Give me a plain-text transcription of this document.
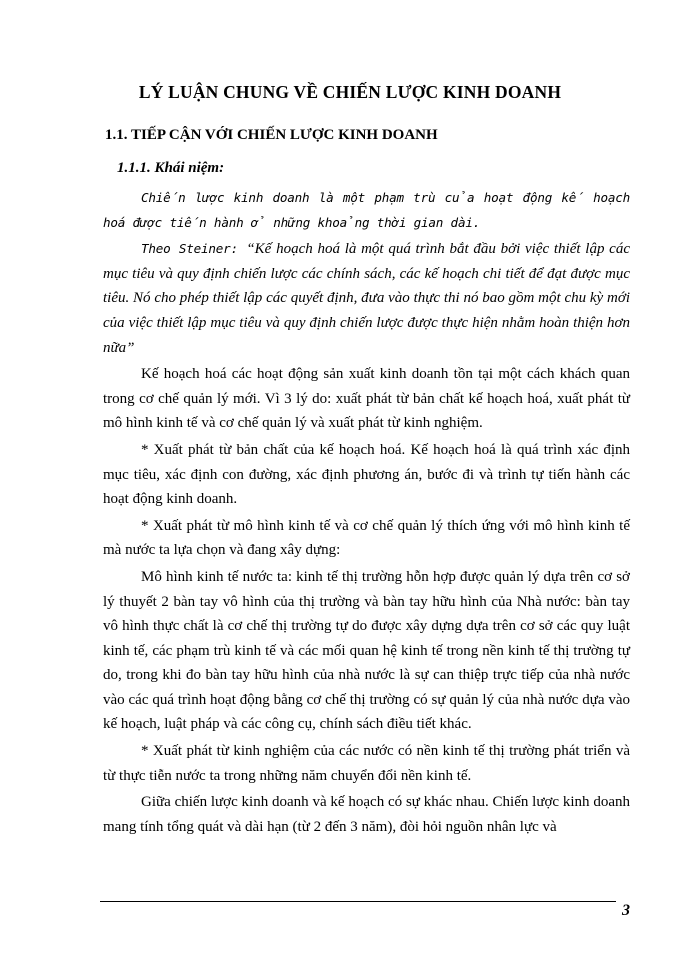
LÝ LUẬN CHUNG VỀ CHIẾN LƯỢC KINH DOANH
1.1. TIẾP CẬN VỚI CHIẾN LƯỢC KINH DOANH
1.1.1. Khái niệm:

Chiến lược kinh doanh là một phạm trù của hoạt động kế hoạch hoá được tiến hành ở những khoảng thời gian dài.

Theo Steiner: “Kế hoạch hoá là một quá trình bắt đầu bởi việc thiết lập các mục tiêu và quy định chiến lược các chính sách, các kế hoạch chi tiết để đạt được mục tiêu. Nó cho phép thiết lập các quyết định, đưa vào thực thi nó bao gồm một chu kỳ mới của việc thiết lập mục tiêu và quy định chiến lược được thực hiện nhằm hoàn thiện hơn nữa”

Kế hoạch hoá các hoạt động sản xuất kinh doanh tồn tại một cách khách quan trong cơ chế quản lý mới. Vì 3 lý do: xuất phát từ bản chất kế hoạch hoá, xuất phát từ mô hình kinh tế và cơ chế quản lý và xuất phát từ kinh nghiệm.

* Xuất phát từ bản chất của kế hoạch hoá. Kế hoạch hoá là quá trình xác định mục tiêu, xác định con đường, xác định phương án, bước đi và trình tự tiến hành các hoạt động kinh doanh.

* Xuất phát từ mô hình kinh tế và cơ chế quản lý thích ứng với mô hình kinh tế mà nước ta lựa chọn và đang xây dựng:

Mô hình kinh tế nước ta: kinh tế thị trường hỗn hợp được quản lý dựa trên cơ sở lý thuyết 2 bàn tay vô hình của thị trường và bàn tay hữu hình của Nhà nước: bàn tay vô hình thực chất là cơ chế thị trường tự do được xây dựng dựa trên cơ sở các quy luật kinh tế, các phạm trù kinh tế và các mối quan hệ kinh tế trong nền kinh tế thị trường tự do, trong khi đo bàn tay hữu hình của nhà nước là sự can thiệp trực tiếp của nhà nước vào các quá trình hoạt động bằng cơ chế thị trường có sự quản lý của nhà nước dựa vào kế hoạch, luật pháp và các công cụ, chính sách điều tiết khác.

* Xuất phát từ kinh nghiệm của các nước có nền kinh tế thị trường phát triển và từ thực tiễn nước ta trong những năm chuyển đổi nền kinh tế.

Giữa chiến lược kinh doanh và kế hoạch có sự khác nhau. Chiến lược kinh doanh mang tính tổng quát và dài hạn (từ 2 đến 3 năm), đòi hỏi nguồn nhân lực và

3
